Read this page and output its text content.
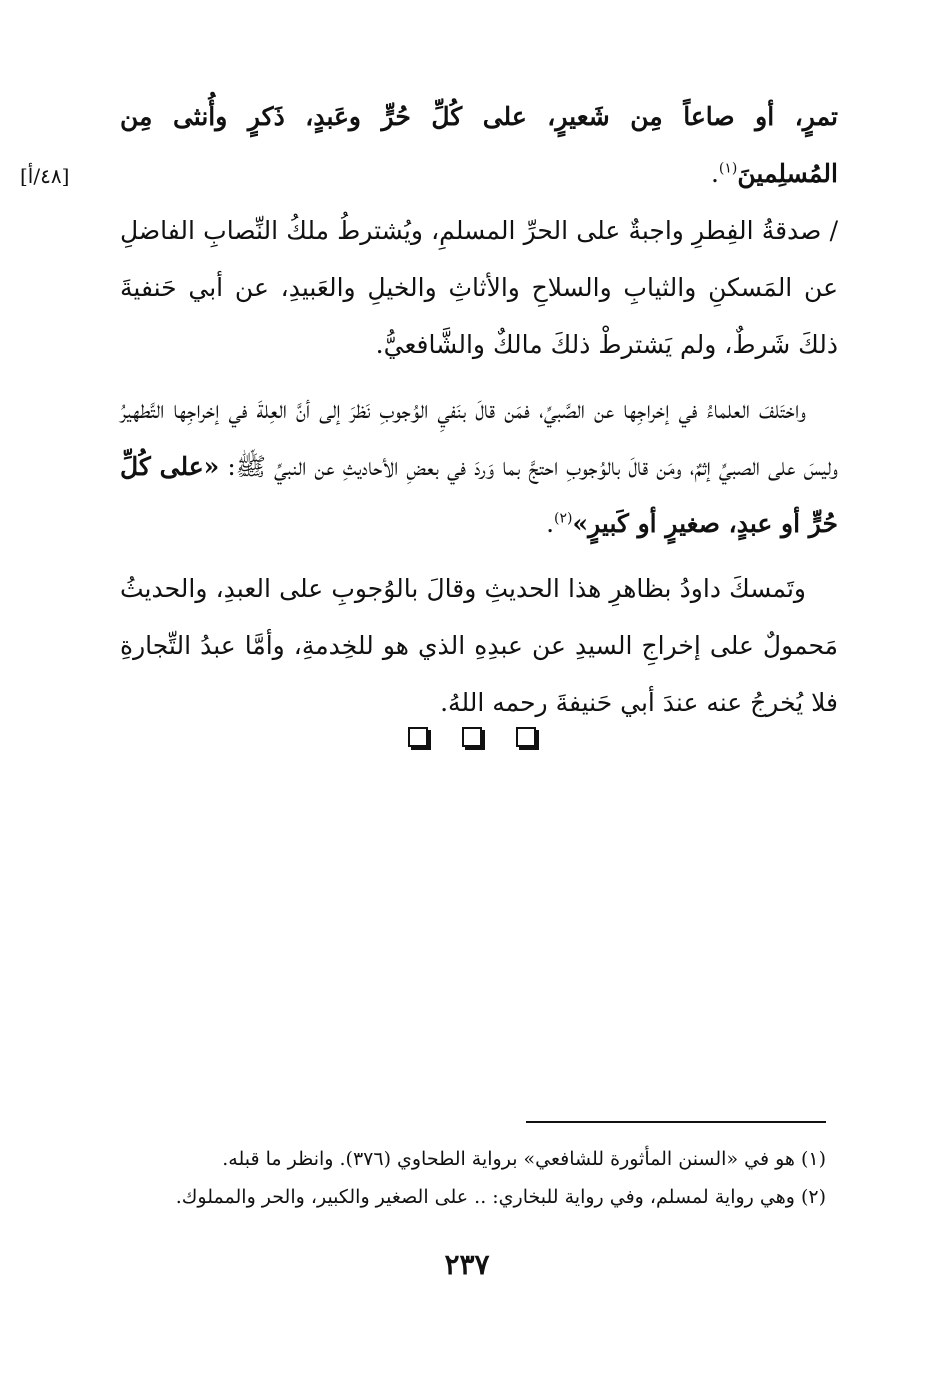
[٤٨/أ]

تمرٍ، أو صاعاً مِن شَعيرٍ، على كُلِّ حُرٍّ وعَبدٍ، ذَكرٍ وأُنثى مِن المُسلِمينَ$^{(١)}$.

/ صدقةُ الفِطرِ واجبةٌ على الحرِّ المسلمِ، ويُشترطُ ملكُ النِّصابِ الفاضلِ عن المَسكنِ والثيابِ والسلاحِ والأثاثِ والخيلِ والعَبيدِ، عن أبي حَنفيةَ ذلكَ شَرطٌ، ولم يَشترطْ ذلكَ مالكٌ والشَّافعيُّ.

واختَلفَ العلماءُ في إخراجِها عن الصَّبيِّ، فمَن قالَ بنَفيِ الوُجوبِ نَظرَ إلى أنَّ العِلةَ في إخراجِها التَّطهيرُ وليسَ على الصبيِّ إثمٌ، ومَن قالَ بالوُجوبِ احتجَّ بما وَردَ في بعضِ الأحاديثِ عن النبيِّ ﷺ: «على كُلِّ حُرٍّ أو عبدٍ، صغيرٍ أو كَبيرٍ»$^{(٢)}$.

وتَمسكَ داودُ بظاهرِ هذا الحديثِ وقالَ بالوُجوبِ على العبدِ، والحديثُ مَحمولٌ على إخراجِ السيدِ عن عبدِهِ الذي هو للخِدمةِ، وأمَّا عبدُ التِّجارةِ فلا يُخرجُ عنه عندَ أبي حَنيفةَ رحمه اللهُ.

(١) هو في «السنن المأثورة للشافعي» برواية الطحاوي (٣٧٦). وانظر ما قبله.

(٢) وهي رواية لمسلم، وفي رواية للبخاري: .. على الصغير والكبير، والحر والمملوك.

٢٣٧
